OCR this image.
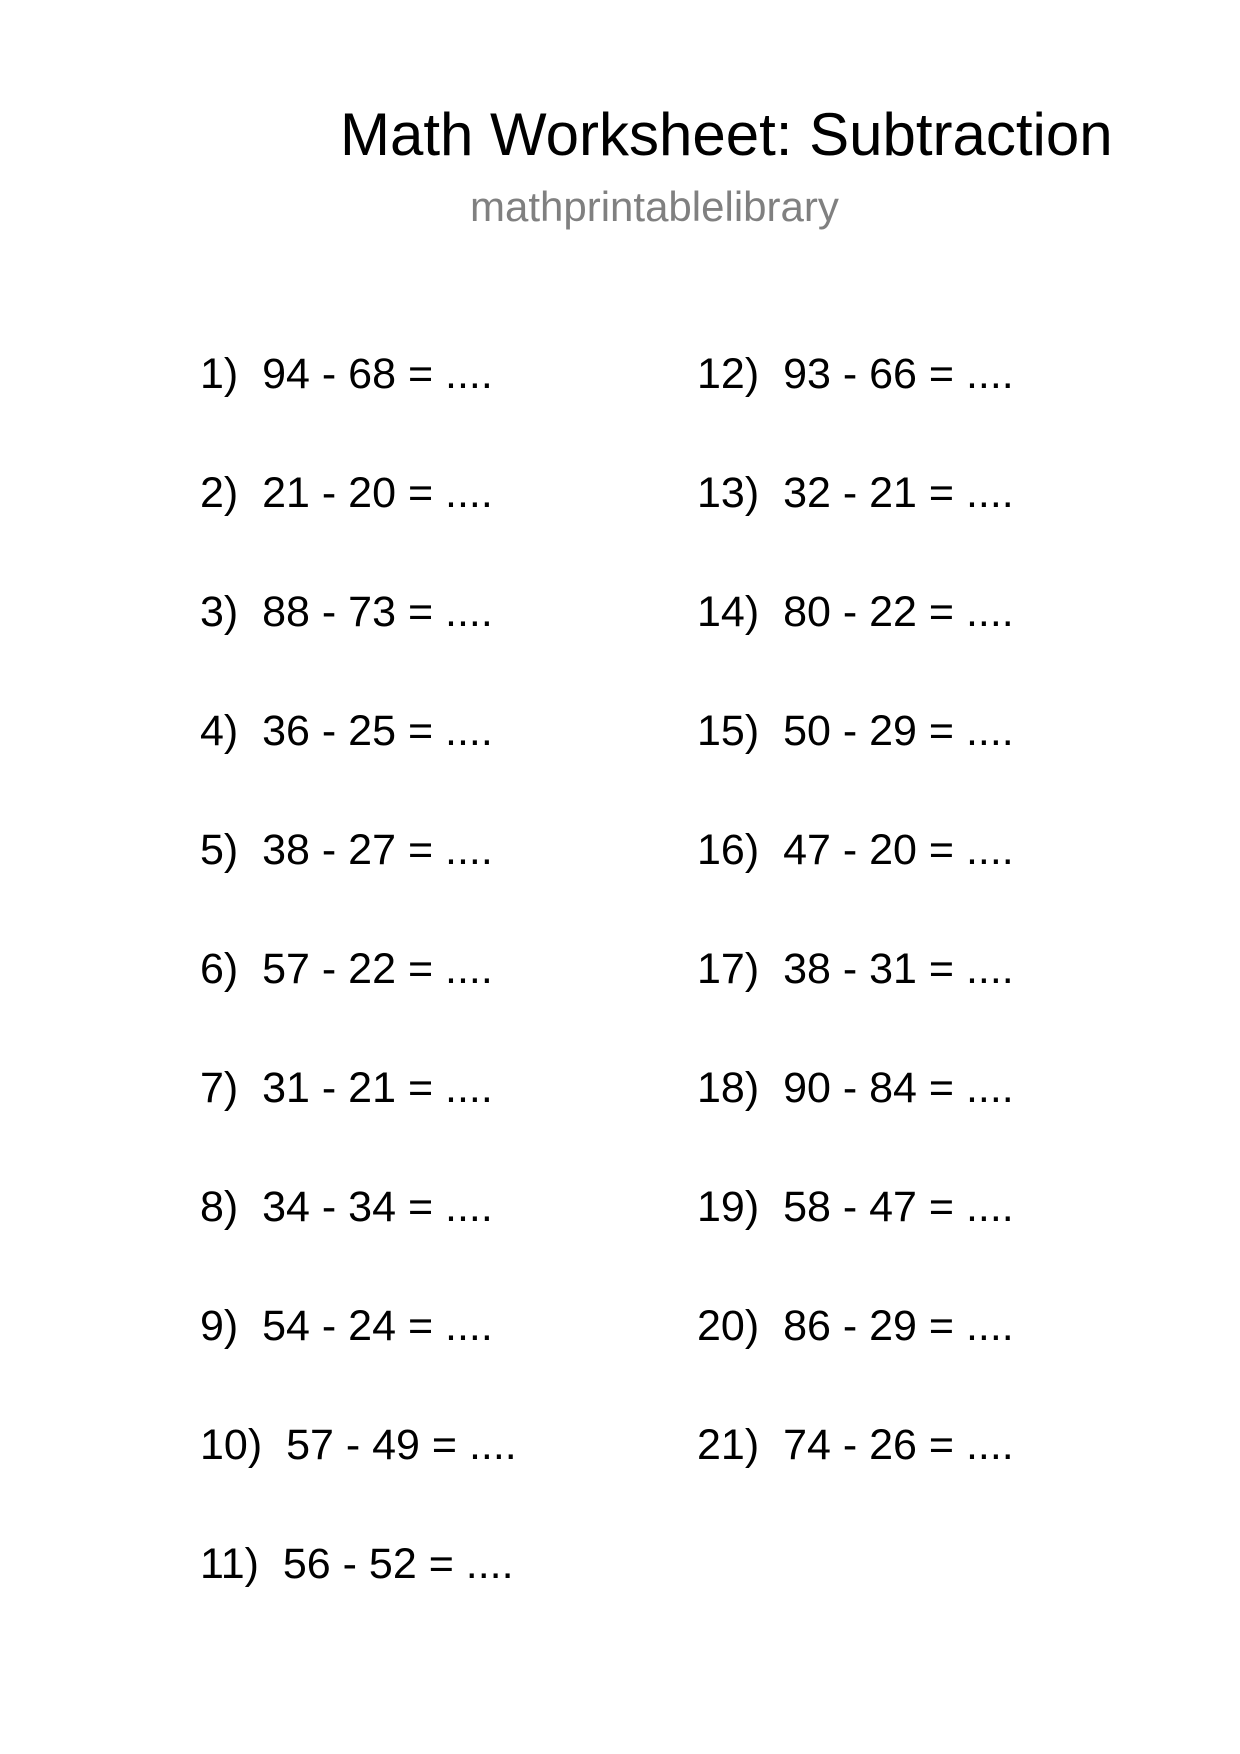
Math Worksheet: Subtraction
mathprintablelibrary
1) 94 - 68 = ....
2) 21 - 20 = ....
3) 88 - 73 = ....
4) 36 - 25 = ....
5) 38 - 27 = ....
6) 57 - 22 = ....
7) 31 - 21 = ....
8) 34 - 34 = ....
9) 54 - 24 = ....
10) 57 - 49 = ....
11) 56 - 52 = ....
12) 93 - 66 = ....
13) 32 - 21 = ....
14) 80 - 22 = ....
15) 50 - 29 = ....
16) 47 - 20 = ....
17) 38 - 31 = ....
18) 90 - 84 = ....
19) 58 - 47 = ....
20) 86 - 29 = ....
21) 74 - 26 = ....
